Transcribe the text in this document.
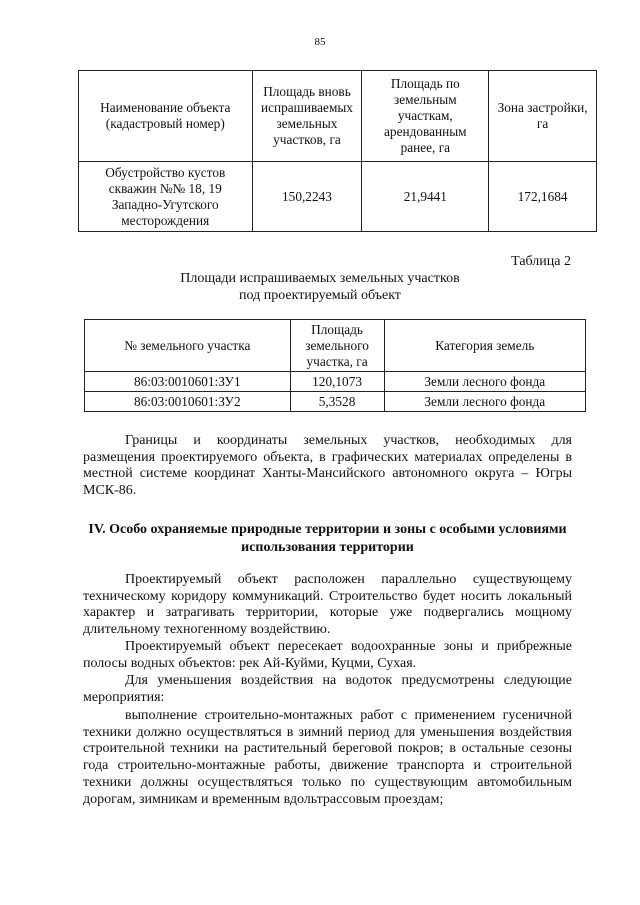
85
Наименование объекта (кадастровый номер)	Площадь вновь испрашиваемых земельных участков, га	Площадь по земельным участкам, арендованным ранее, га	Зона застройки, га
Обустройство кустов скважин №№ 18, 19 Западно-Угутского месторождения	150,2243	21,9441	172,1684
Таблица 2
Площади испрашиваемых земельных участков
под проектируемый объект
№ земельного участка	Площадь земельного участка, га	Категория земель
86:03:0010601:ЗУ1	120,1073	Земли лесного фонда
86:03:0010601:ЗУ2	5,3528	Земли лесного фонда

Границы и координаты земельных участков, необходимых для размещения проектируемого объекта, в графических материалах определены в местной системе координат Ханты-Мансийского автономного округа – Югры МСК-86.

IV. Особо охраняемые природные территории и зоны с особыми условиями использования территории

Проектируемый объект расположен параллельно существующему техническому коридору коммуникаций. Строительство будет носить локальный характер и затрагивать территории, которые уже подвергались мощному длительному техногенному воздействию.

Проектируемый объект пересекает водоохранные зоны и прибрежные полосы водных объектов: рек Ай-Куйми, Куцми, Сухая.

Для уменьшения воздействия на водоток предусмотрены следующие мероприятия:

выполнение строительно-монтажных работ с применением гусеничной техники должно осуществляться в зимний период для уменьшения воздействия строительной техники на растительный береговой покров; в остальные сезоны года строительно-монтажные работы, движение транспорта и строительной техники должны осуществляться только по существующим автомобильным дорогам, зимникам и временным вдольтрассовым проездам;
